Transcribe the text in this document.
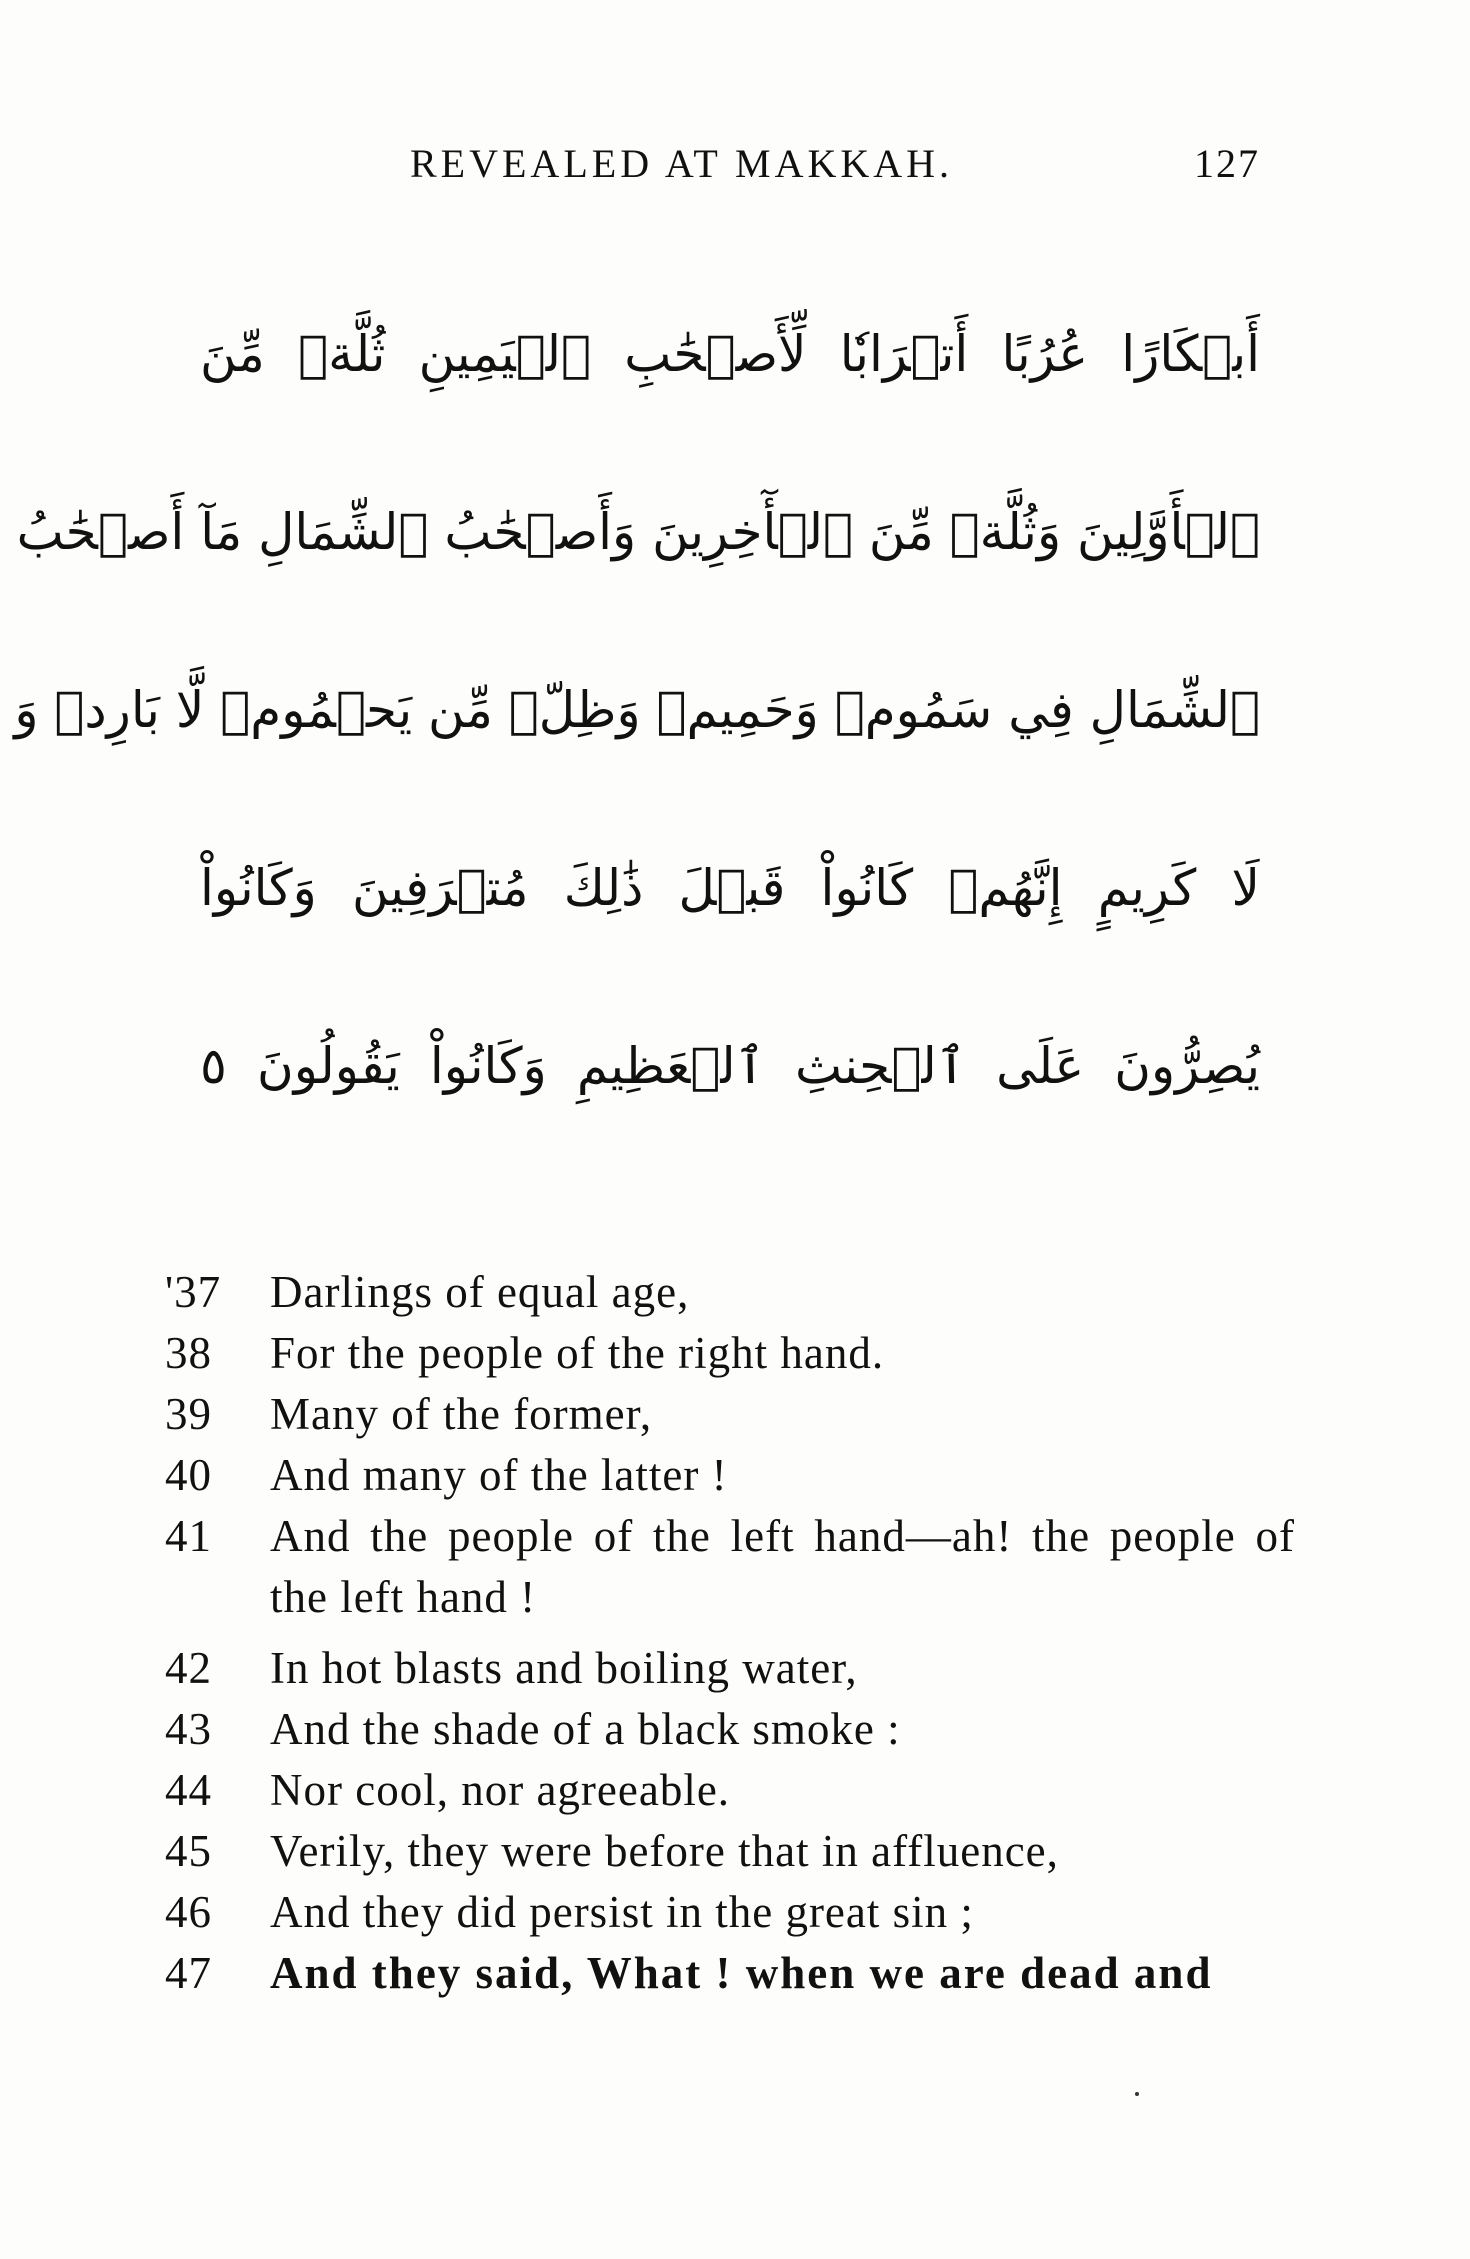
REVEALED AT MAKKAH.	127
أَبۡكَارًا عُرُبًا أَتۡرَابٗا لِّأَصۡحَٰبِ ٱلۡيَمِينِ ثُلَّةٞ مِّنَ
ٱلۡأَوَّلِينَ وَثُلَّةٞ مِّنَ ٱلۡأٓخِرِينَ وَأَصۡحَٰبُ ٱلشِّمَالِ مَآ أَصۡحَٰبُ
ٱلشِّمَالِ فِي سَمُومٖ وَحَمِيمٖ وَظِلّٖ مِّن يَحۡمُومٖ لَّا بَارِدٖ وَ
لَا كَرِيمٍ إِنَّهُمۡ كَانُواْ قَبۡلَ ذَٰلِكَ مُتۡرَفِينَ وَكَانُواْ
يُصِرُّونَ عَلَى ٱلۡحِنثِ ٱلۡعَظِيمِ وَكَانُواْ يَقُولُونَ ٥
'37	Darlings of equal age,
38	For the people of the right hand.
39	Many of the former,
40	And many of the latter !
41	And the people of the left hand—ah! the people of the left hand !
42	In hot blasts and boiling water,
43	And the shade of a black smoke :
44	Nor cool, nor agreeable.
45	Verily, they were before that in affluence,
46	And they did persist in the great sin ;
47	And they said, What ! when we are dead and
